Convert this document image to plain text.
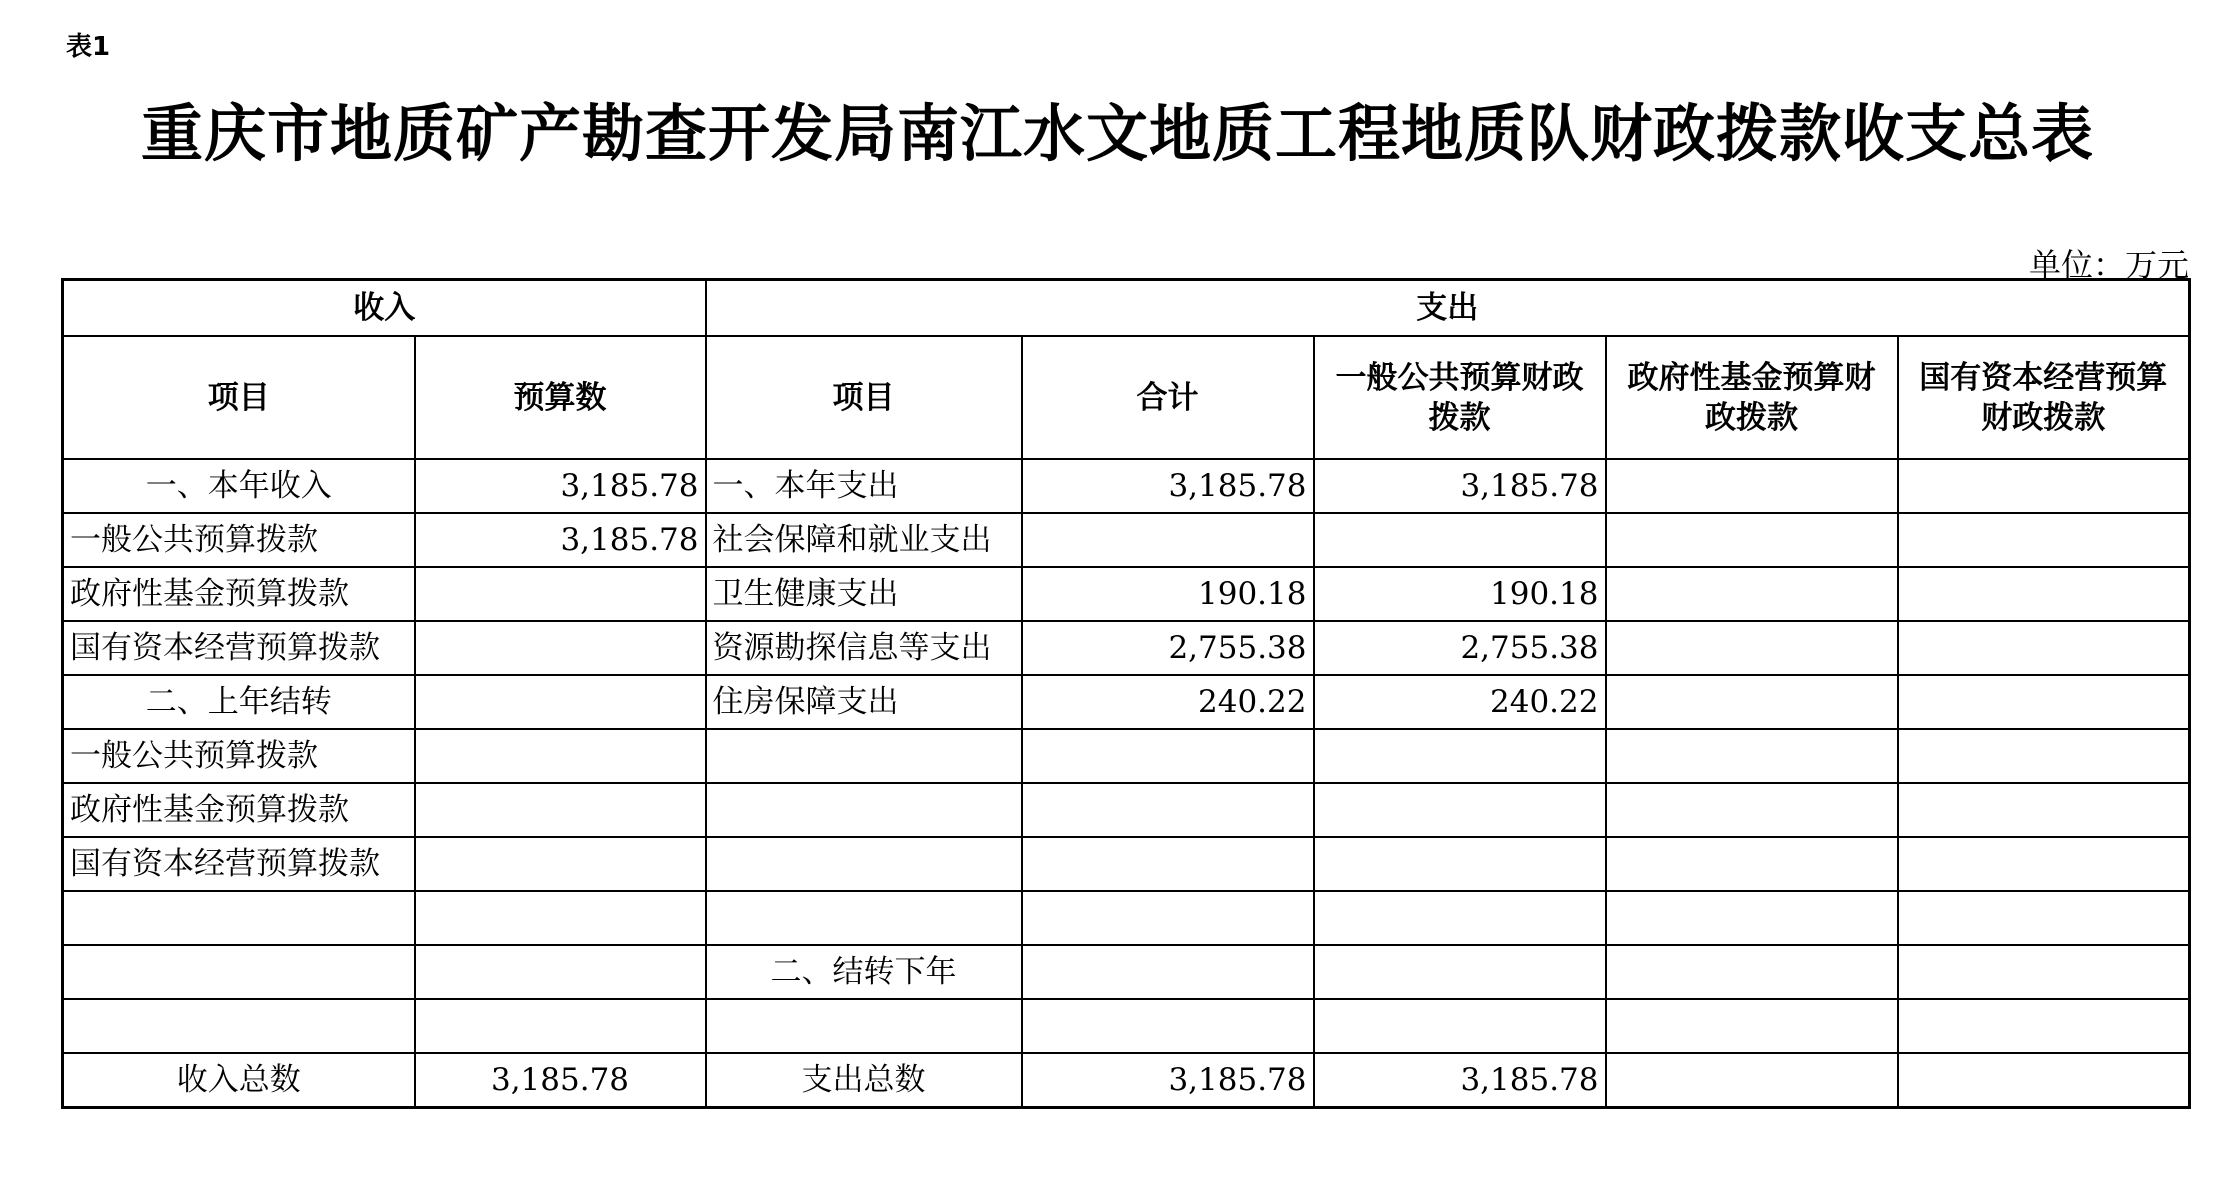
表1
重庆市地质矿产勘查开发局南江水文地质工程地质队财政拨款收支总表
单位：万元
收入		支出				
项目	预算数	项目	合计	一般公共预算财政拨款	政府性基金预算财政拨款	国有资本经营预算财政拨款
一、本年收入	3,185.78	一、本年支出	3,185.78	3,185.78		
一般公共预算拨款	3,185.78	社会保障和就业支出				
政府性基金预算拨款		卫生健康支出	190.18	190.18		
国有资本经营预算拨款		资源勘探信息等支出	2,755.38	2,755.38		
二、上年结转		住房保障支出	240.22	240.22		
一般公共预算拨款						
政府性基金预算拨款						
国有资本经营预算拨款						

		二、结转下年				

收入总数	3,185.78	支出总数	3,185.78	3,185.78		
